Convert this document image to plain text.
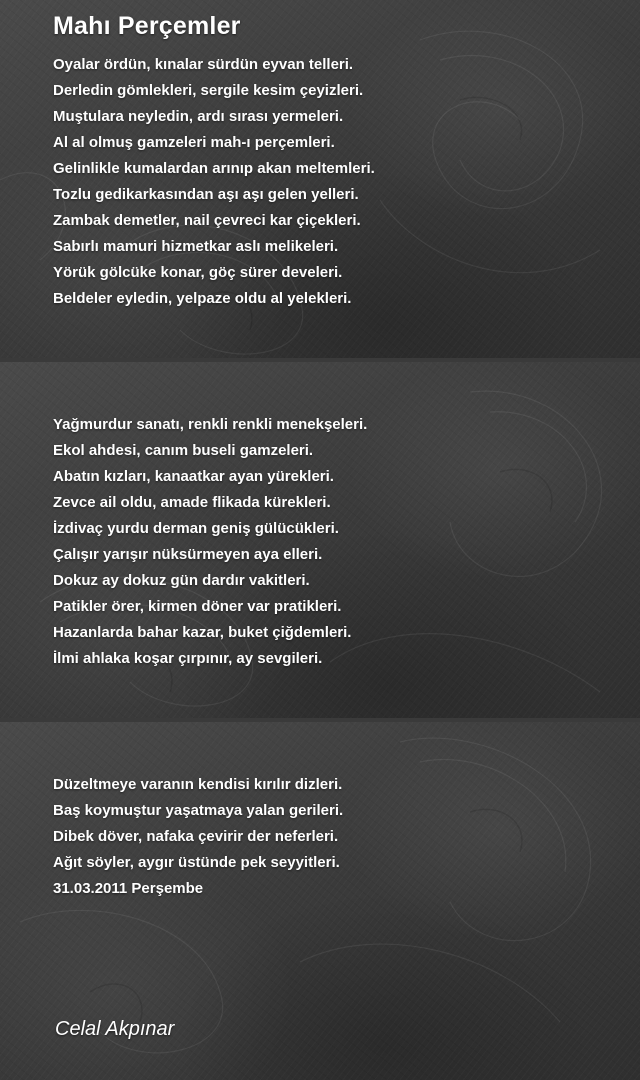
Mahı Perçemler
Oyalar ördün, kınalar sürdün eyvan telleri.
Derledin gömlekleri, sergile kesim çeyizleri.
Muştulara neyledin, ardı sırası yermeleri.
Al al olmuş gamzeleri mah-ı perçemleri.
Gelinlikle kumalardan arınıp akan meltemleri.
Tozlu gedikarkasından aşı aşı gelen yelleri.
Zambak demetler, nail çevreci kar çiçekleri.
Sabırlı mamuri hizmetkar aslı melikeleri.
Yörük gölcüke konar, göç sürer develeri.
Beldeler eyledin, yelpaze oldu al yelekleri.
Yağmurdur sanatı, renkli renkli menekşeleri.
Ekol ahdesi, canım buseli gamzeleri.
Abatın kızları, kanaatkar ayan yürekleri.
Zevce ail oldu, amade flikada kürekleri.
İzdivaç yurdu derman geniş gülücükleri.
Çalışır yarışır nüksürmeyen aya elleri.
Dokuz ay dokuz gün dardır vakitleri.
Patikler örer, kirmen döner var pratikleri.
Hazanlarda bahar kazar, buket çiğdemleri.
İlmi ahlaka koşar çırpınır, ay sevgileri.
Düzeltmeye varanın kendisi kırılır dizleri.
Baş koymuştur yaşatmaya yalan gerileri.
Dibek döver, nafaka çevirir der neferleri.
Ağıt söyler, aygır üstünde pek seyyitleri.
31.03.2011 Perşembe
Celal Akpınar
